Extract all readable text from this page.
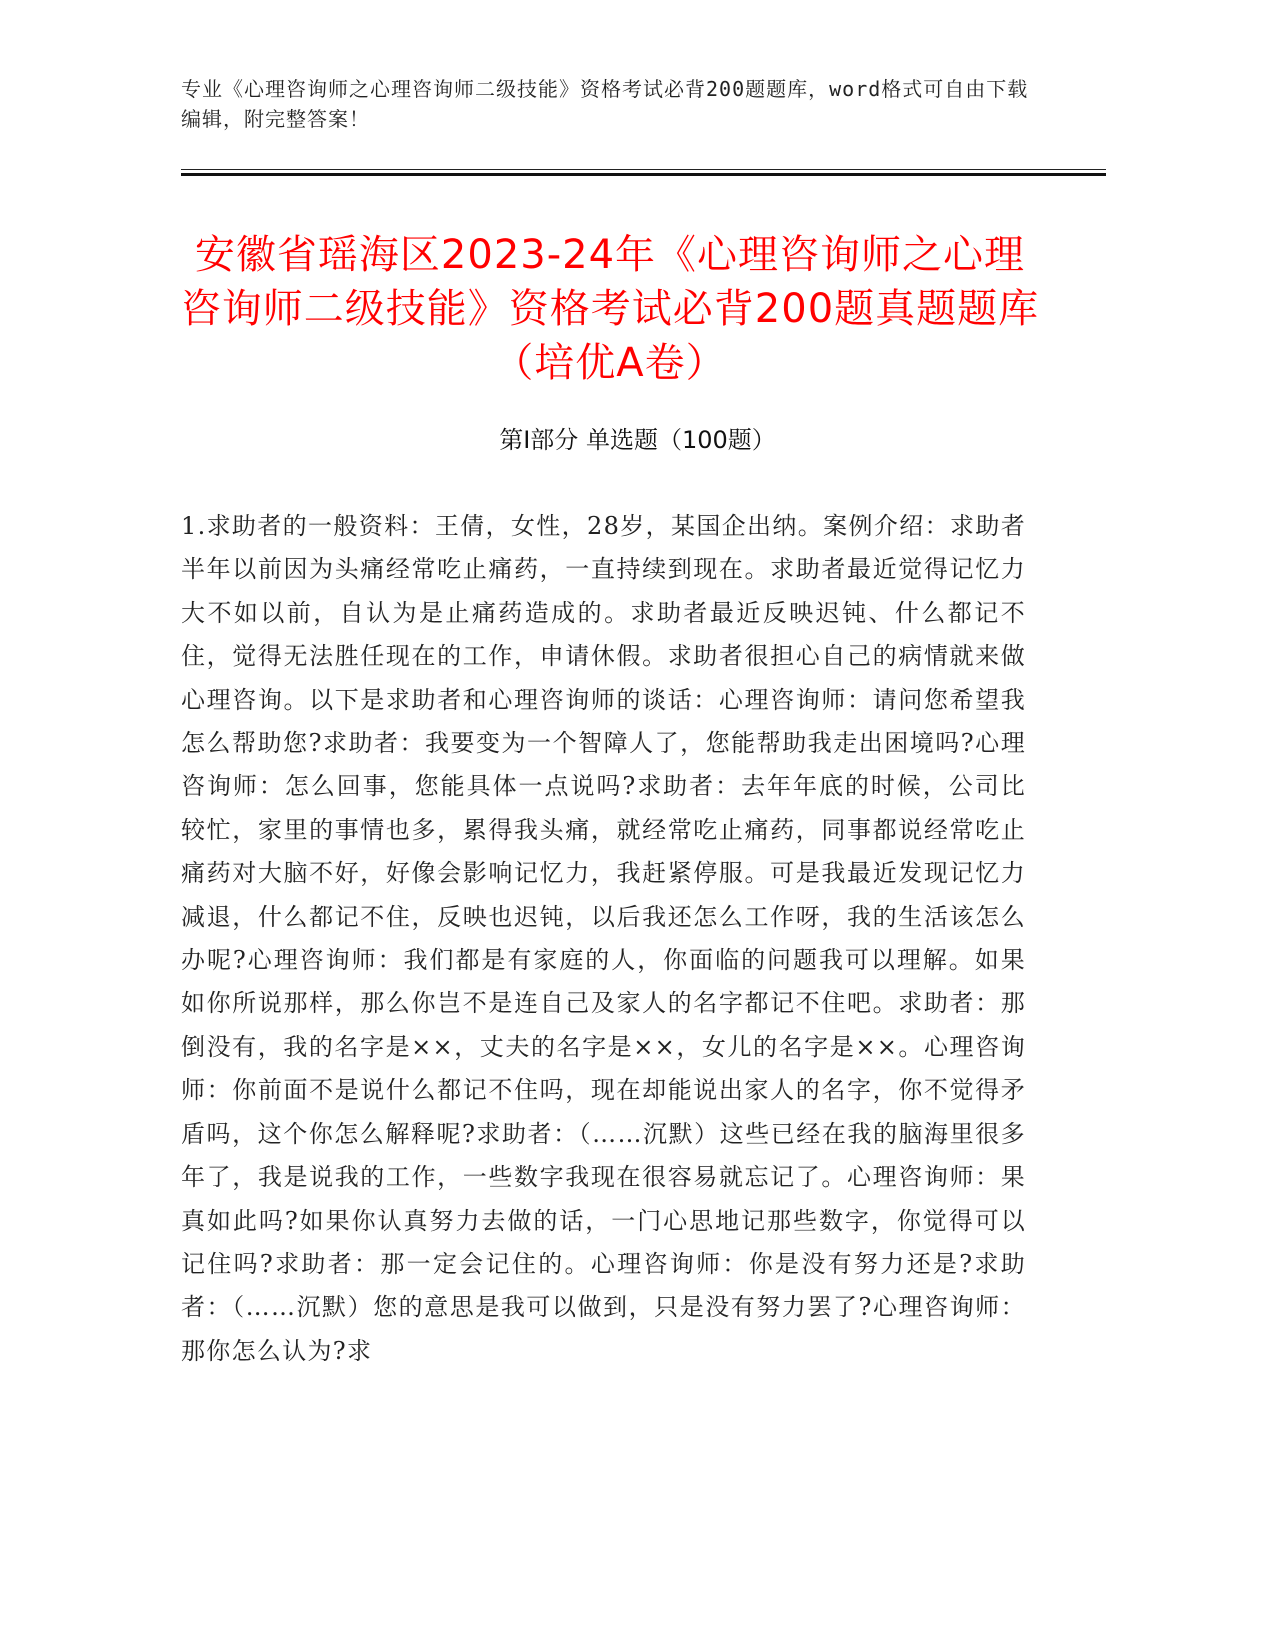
专业《心理咨询师之心理咨询师二级技能》资格考试必背200题题库，word格式可自由下载编辑，附完整答案！
安徽省瑶海区2023-24年《心理咨询师之心理咨询师二级技能》资格考试必背200题真题题库（培优A卷）
第Ⅰ部分 单选题（100题）

1.求助者的一般资料：王倩，女性，28岁，某国企出纳。案例介绍：求助者半年以前因为头痛经常吃止痛药，一直持续到现在。求助者最近觉得记忆力大不如以前，自认为是止痛药造成的。求助者最近反映迟钝、什么都记不住，觉得无法胜任现在的工作，申请休假。求助者很担心自己的病情就来做心理咨询。以下是求助者和心理咨询师的谈话：心理咨询师：请问您希望我怎么帮助您?求助者：我要变为一个智障人了，您能帮助我走出困境吗?心理咨询师：怎么回事，您能具体一点说吗?求助者：去年年底的时候，公司比较忙，家里的事情也多，累得我头痛，就经常吃止痛药，同事都说经常吃止痛药对大脑不好，好像会影响记忆力，我赶紧停服。可是我最近发现记忆力减退，什么都记不住，反映也迟钝，以后我还怎么工作呀，我的生活该怎么办呢?心理咨询师：我们都是有家庭的人，你面临的问题我可以理解。如果如你所说那样，那么你岂不是连自己及家人的名字都记不住吧。求助者：那倒没有，我的名字是××，丈夫的名字是××，女儿的名字是××。心理咨询师：你前面不是说什么都记不住吗，现在却能说出家人的名字，你不觉得矛盾吗，这个你怎么解释呢?求助者：（……沉默）这些已经在我的脑海里很多年了，我是说我的工作，一些数字我现在很容易就忘记了。心理咨询师：果真如此吗?如果你认真努力去做的话，一门心思地记那些数字，你觉得可以记住吗?求助者：那一定会记住的。心理咨询师：你是没有努力还是?求助者：（……沉默）您的意思是我可以做到，只是没有努力罢了?心理咨询师：那你怎么认为?求
